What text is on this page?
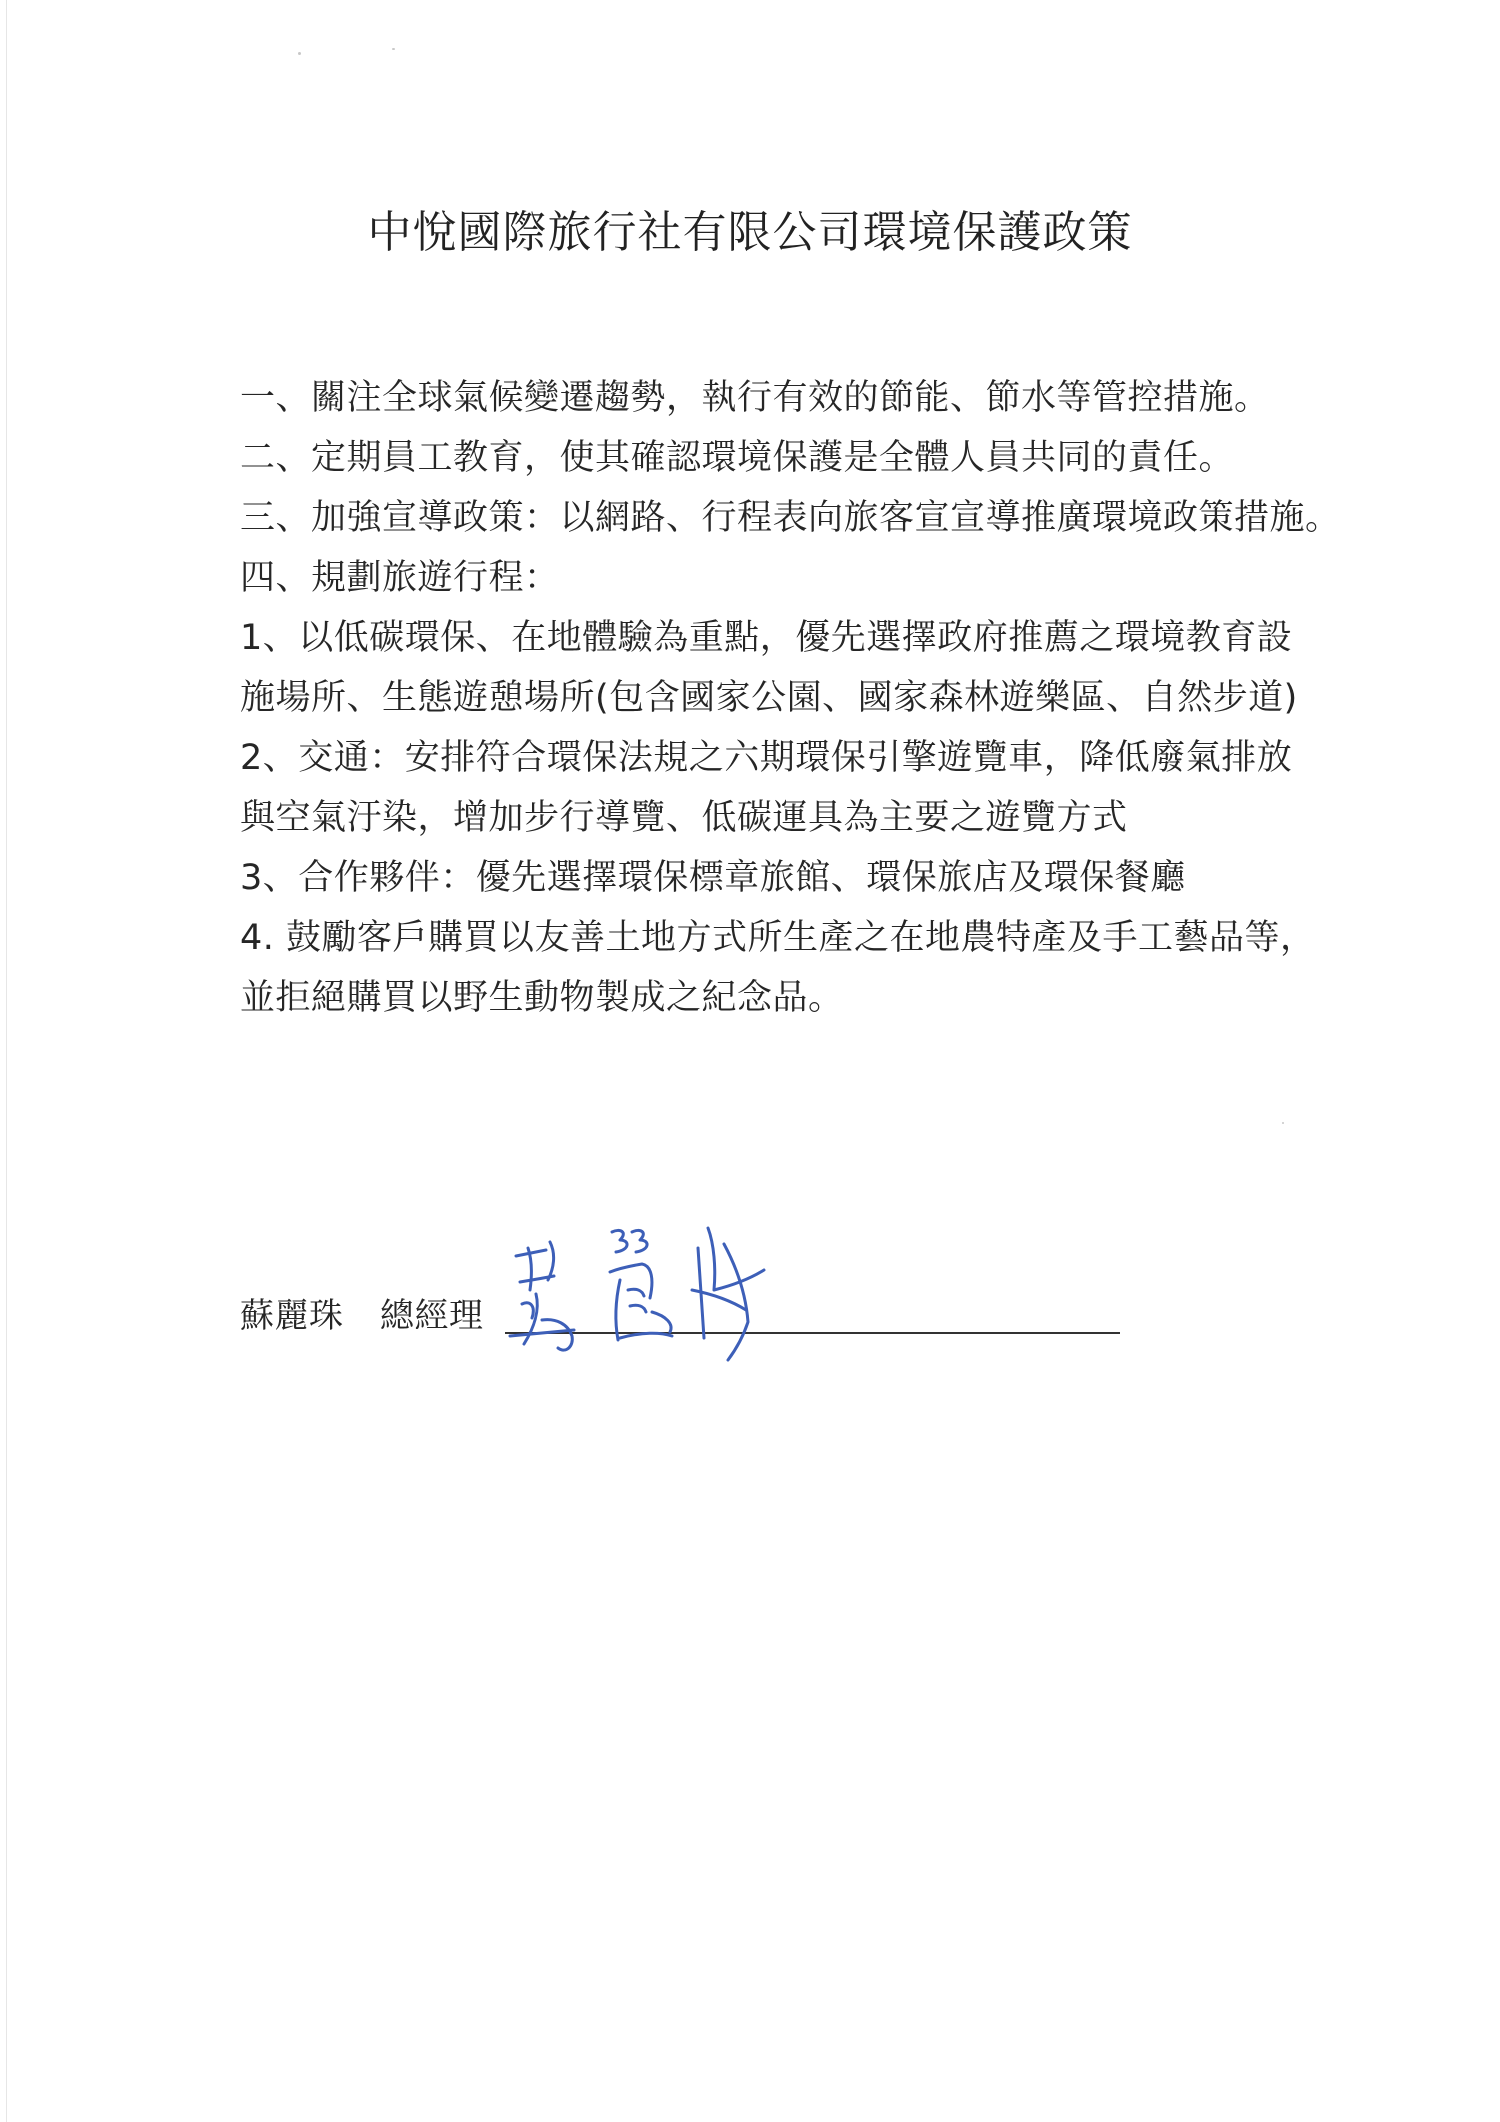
中悅國際旅行社有限公司環境保護政策
一、關注全球氣候變遷趨勢，執行有效的節能、節水等管控措施。
二、定期員工教育，使其確認環境保護是全體人員共同的責任。
三、加強宣導政策：以網路、行程表向旅客宣宣導推廣環境政策措施。
四、規劃旅遊行程：
1、以低碳環保、在地體驗為重點，優先選擇政府推薦之環境教育設
施場所、生態遊憩場所(包含國家公園、國家森林遊樂區、自然步道)
2、交通：安排符合環保法規之六期環保引擎遊覽車，降低廢氣排放
與空氣汙染，增加步行導覽、低碳運具為主要之遊覽方式
3、合作夥伴：優先選擇環保標章旅館、環保旅店及環保餐廳
4. 鼓勵客戶購買以友善土地方式所生產之在地農特產及手工藝品等，
並拒絕購買以野生動物製成之紀念品。
蘇麗珠 總經理
